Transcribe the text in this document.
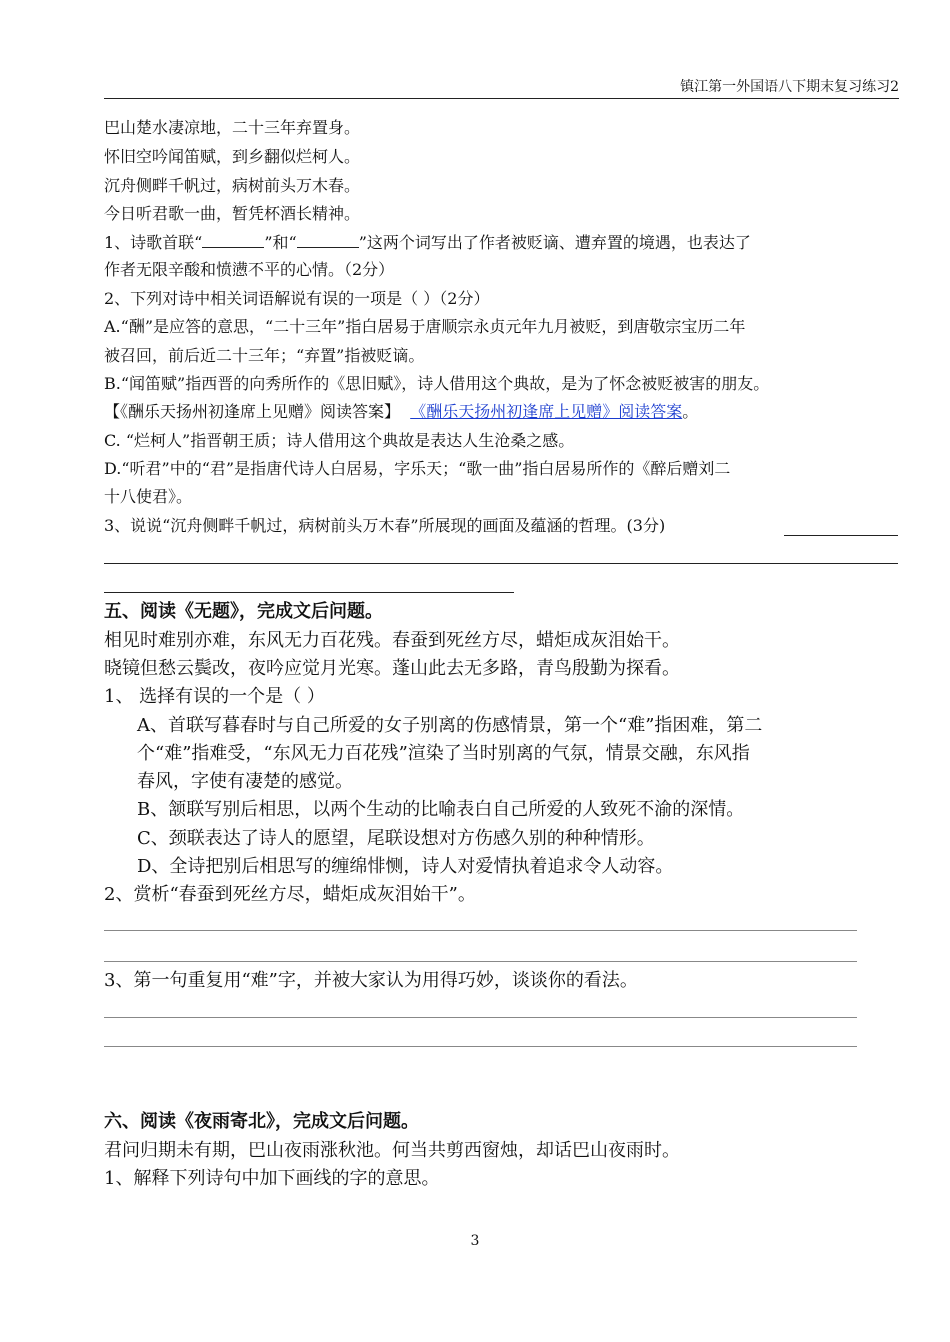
镇江第一外国语八下期末复习练习2
巴山楚水凄凉地，二十三年弃置身。
怀旧空吟闻笛赋，到乡翻似烂柯人。
沉舟侧畔千帆过，病树前头万木春。
今日听君歌一曲，暂凭杯酒长精神。
1、诗歌首联“	”和“	”这两个词写出了作者被贬谪、遭弃置的境遇，也表达了
作者无限辛酸和愤懑不平的心情。（2分）
2、下列对诗中相关词语解说有误的一项是（ ）（2分）
A.“酬”是应答的意思，“二十三年”指白居易于唐顺宗永贞元年九月被贬，到唐敬宗宝历二年
被召回，前后近二十三年；“弃置”指被贬谪。
B.“闻笛赋”指西晋的向秀所作的《思旧赋》，诗人借用这个典故，是为了怀念被贬被害的朋友。
【《酬乐天扬州初逢席上见赠》阅读答案】 《酬乐天扬州初逢席上见赠》阅读答案。
C. “烂柯人”指晋朝王质；诗人借用这个典故是表达人生沧桑之感。
D.“听君”中的“君”是指唐代诗人白居易，字乐天；“歌一曲”指白居易所作的《醉后赠刘二
十八使君》。
3、说说“沉舟侧畔千帆过，病树前头万木春”所展现的画面及蕴涵的哲理。(3分)
五、阅读《无题》，完成文后问题。
相见时难别亦难，东风无力百花残。春蚕到死丝方尽，蜡炬成灰泪始干。
晓镜但愁云鬓改，夜吟应觉月光寒。蓬山此去无多路，青鸟殷勤为探看。
1、 选择有误的一个是（ ）
A、首联写暮春时与自己所爱的女子别离的伤感情景，第一个“难”指困难，第二
个“难”指难受，“东风无力百花残”渲染了当时别离的气氛，情景交融，东风指
春风，字使有凄楚的感觉。
B、颔联写别后相思，以两个生动的比喻表白自己所爱的人致死不渝的深情。
C、颈联表达了诗人的愿望，尾联设想对方伤感久别的种种情形。
D、全诗把别后相思写的缠绵悱恻，诗人对爱情执着追求令人动容。
2、赏析“春蚕到死丝方尽，蜡炬成灰泪始干”。
3、第一句重复用“难”字，并被大家认为用得巧妙，谈谈你的看法。
六、阅读《夜雨寄北》，完成文后问题。
君问归期未有期，巴山夜雨涨秋池。何当共剪西窗烛，却话巴山夜雨时。
1、解释下列诗句中加下画线的字的意思。
3
